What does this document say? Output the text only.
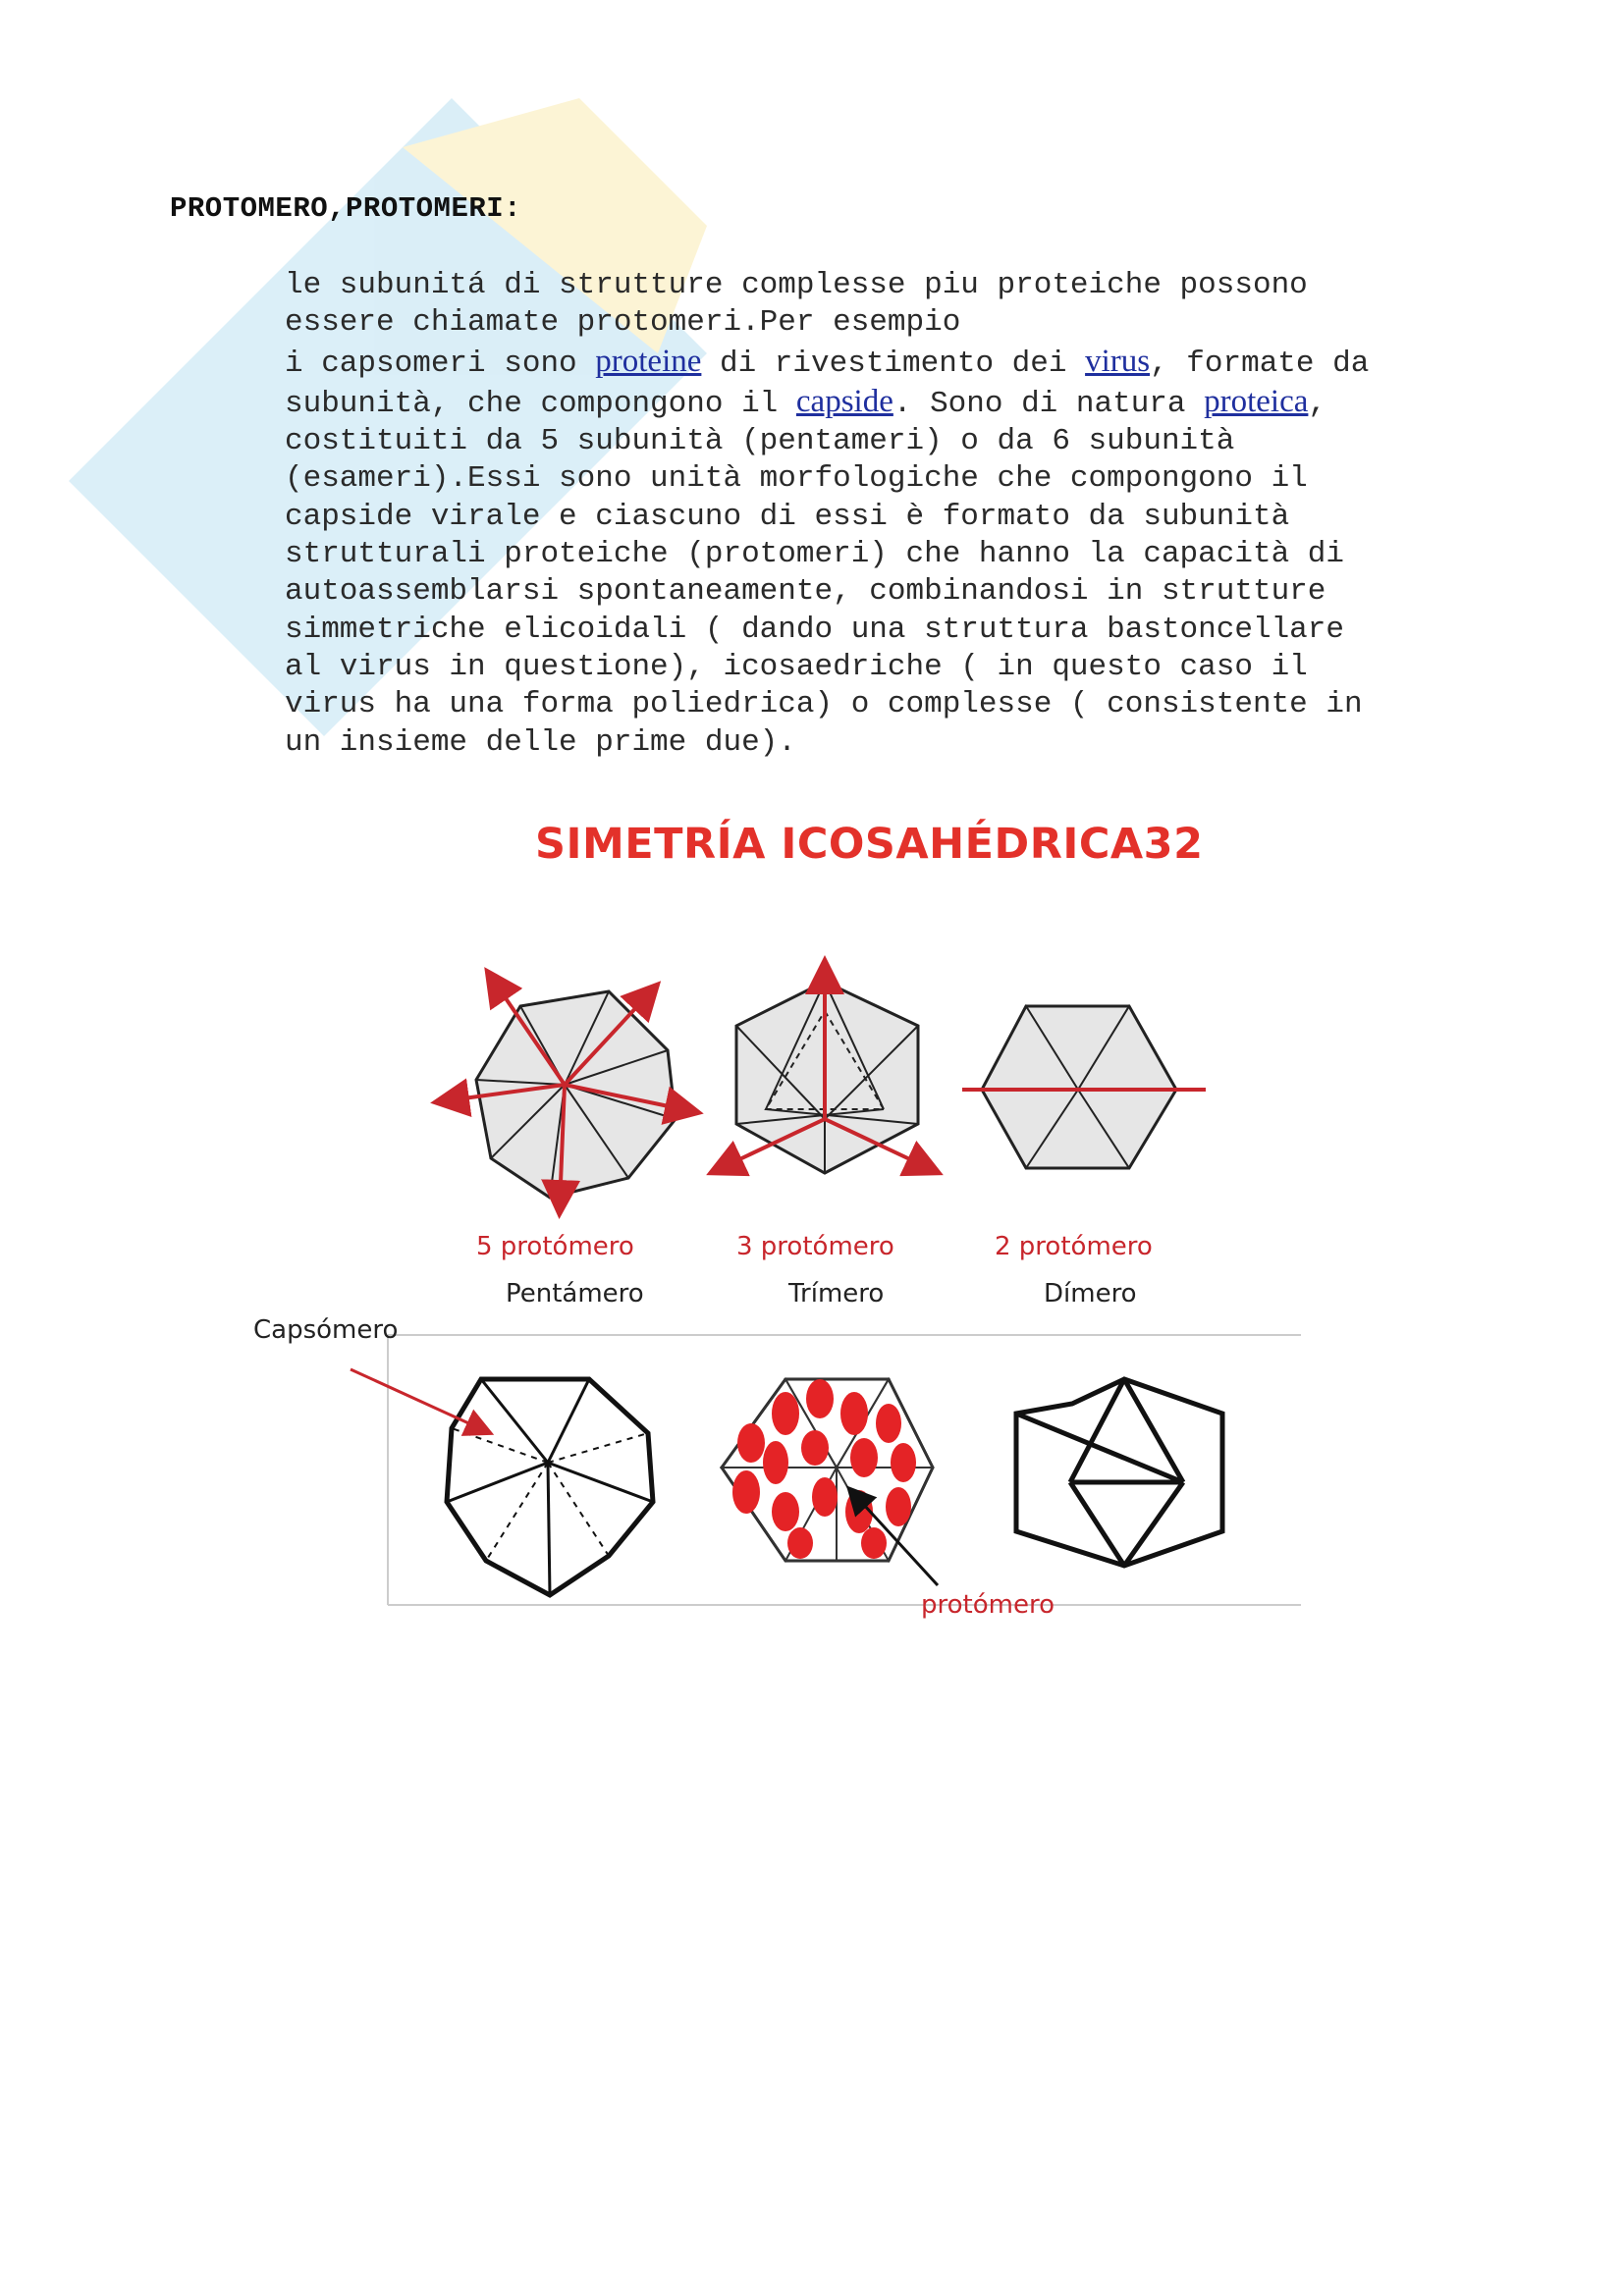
PROTOMERO,PROTOMERI:
le subunitá di strutture complesse piu proteiche possono
essere chiamate protomeri.Per esempio
i capsomeri sono proteine di rivestimento dei virus, formate da
subunità, che compongono il capside. Sono di natura proteica,
costituiti da 5 subunità (pentameri) o da 6 subunità
(esameri).Essi sono unità morfologiche che compongono il
capside virale e ciascuno di essi è formato da subunità
strutturali proteiche (protomeri) che hanno la capacità di
autoassemblarsi spontaneamente, combinandosi in strutture
simmetriche elicoidali ( dando una struttura bastoncellare
al virus in questione), icosaedriche ( in questo caso il
virus ha una forma poliedrica) o complesse ( consistente in
un insieme delle prime due).
SIMETRÍA ICOSAHÉDRICA32
5 protómero
Pentámero
3 protómero
Trímero
2 protómero
Dímero
Capsómero
protómero
